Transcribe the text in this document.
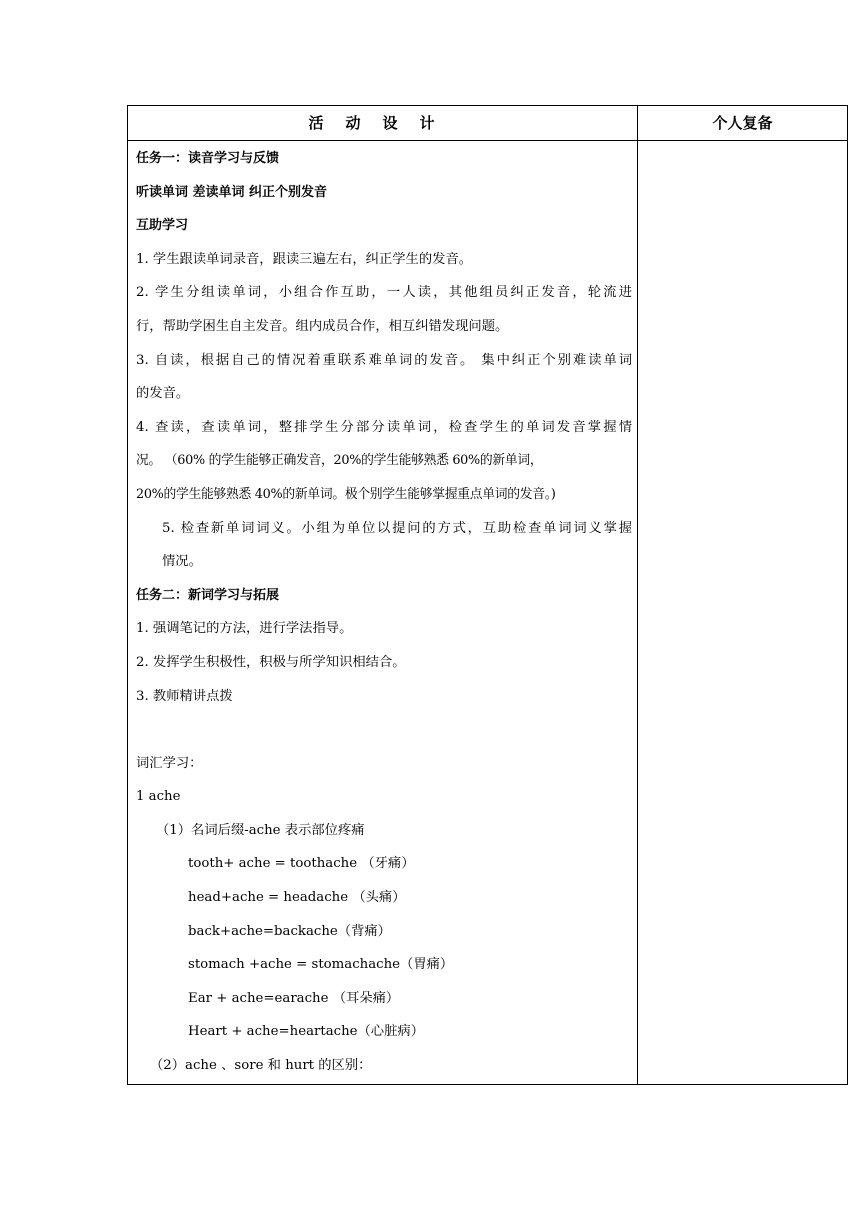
活动设计	个人复备
任务一：读音学习与反馈
听读单词 差读单词 纠正个别发音
互助学习
1. 学生跟读单词录音，跟读三遍左右，纠正学生的发音。
2. 学生分组读单词，小组合作互助，一人读，其他组员纠正发音，轮流进
行，帮助学困生自主发音。组内成员合作，相互纠错发现问题。
3. 自读，根据自己的情况着重联系难单词的发音。 集中纠正个别难读单词
的发音。
4. 查读，查读单词，整排学生分部分读单词，检查学生的单词发音掌握情
况。 （60% 的学生能够正确发音，20%的学生能够熟悉 60%的新单词，
20%的学生能够熟悉 40%的新单词。极个别学生能够掌握重点单词的发音。)
5. 检查新单词词义。小组为单位以提问的方式，互助检查单词词义掌握
情况。
任务二：新词学习与拓展
1. 强调笔记的方法，进行学法指导。
2. 发挥学生积极性，积极与所学知识相结合。
3. 教师精讲点拨
词汇学习：
1 ache
（1）名词后缀-ache 表示部位疼痛
tooth+ ache = toothache （牙痛）
head+ache = headache （头痛）
back+ache=backache（背痛）
stomach +ache = stomachache（胃痛）
Ear + ache=earache （耳朵痛）
Heart + ache=heartache（心脏病）
（2）ache 、sore 和 hurt 的区别：
